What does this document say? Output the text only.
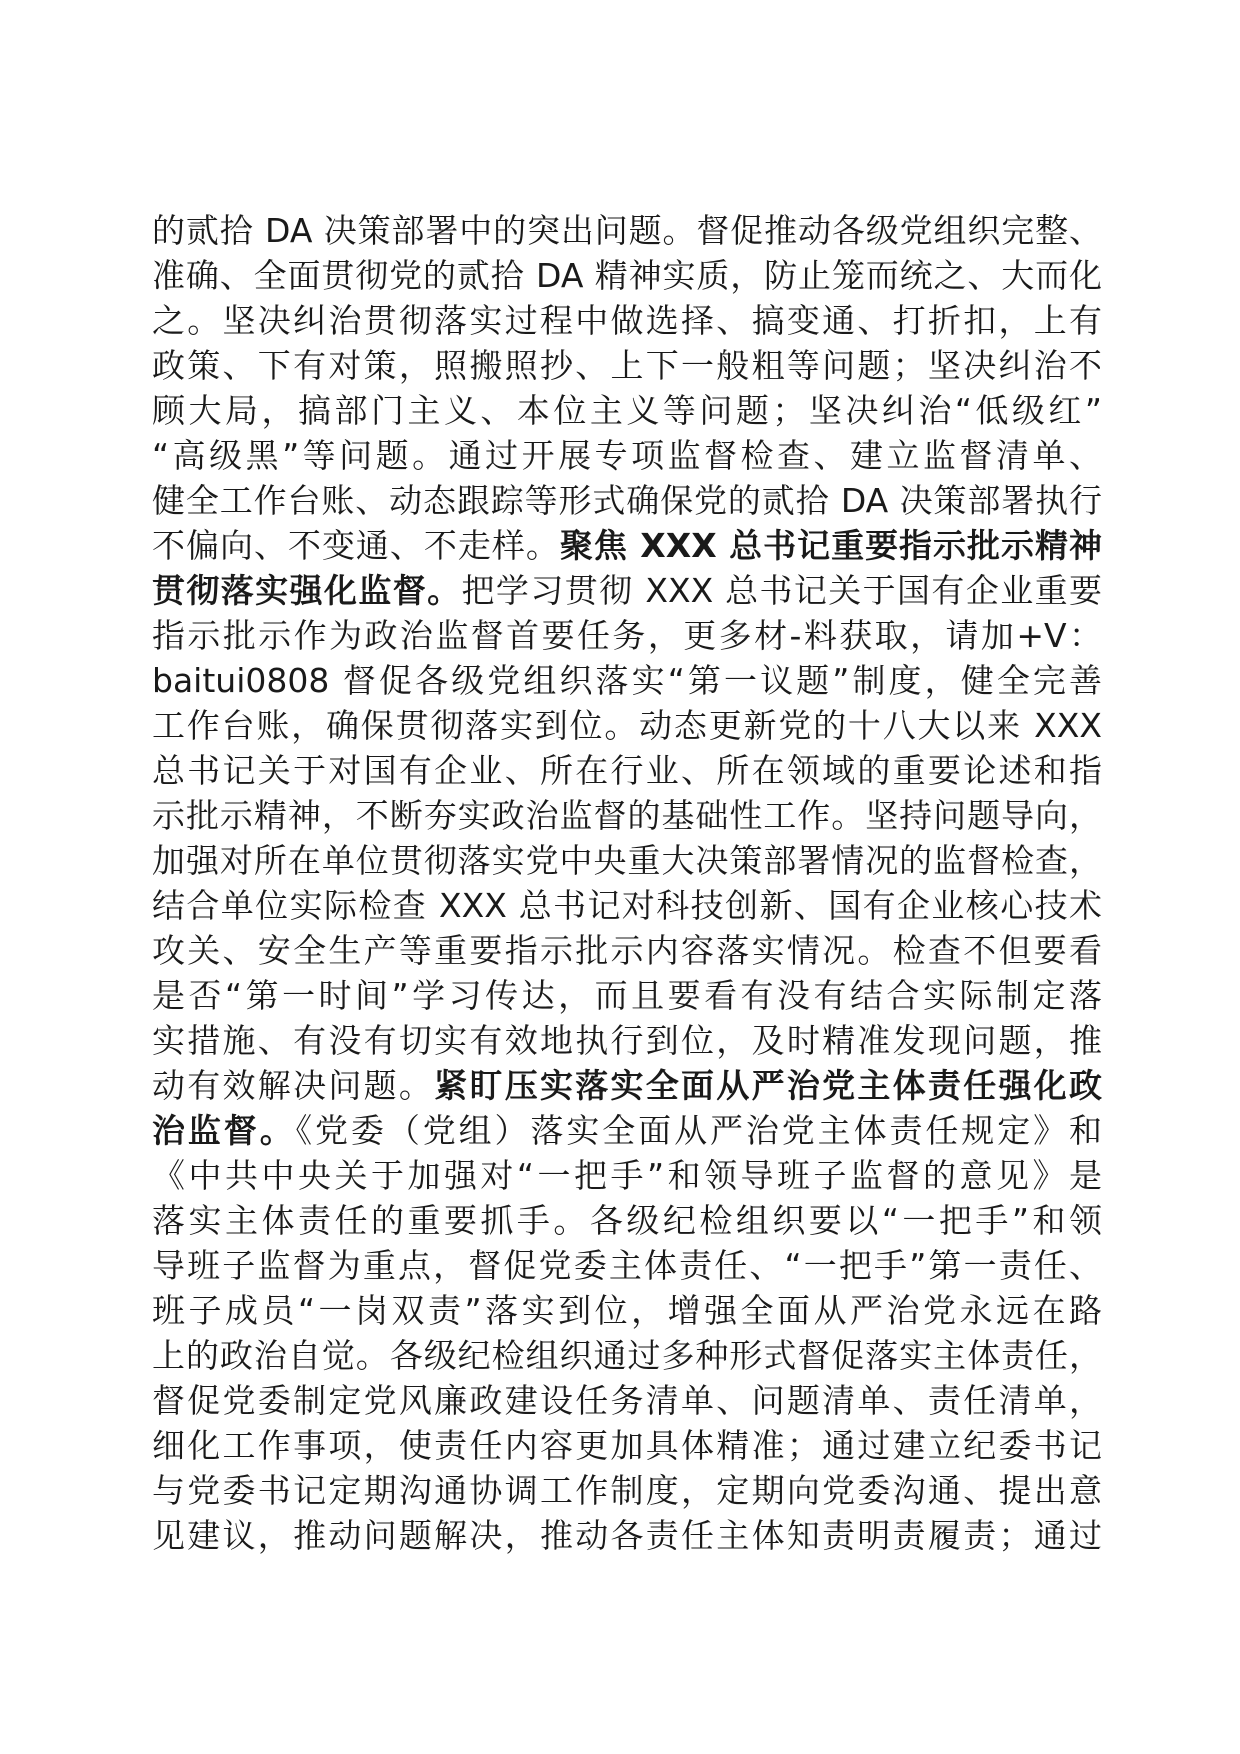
的贰拾 DA 决策部署中的突出问题。督促推动各级党组织完整、
准确、全面贯彻党的贰拾 DA 精神实质，防止笼而统之、大而化
之。坚决纠治贯彻落实过程中做选择、搞变通、打折扣，上有
政策、下有对策，照搬照抄、上下一般粗等问题；坚决纠治不
顾大局，搞部门主义、本位主义等问题；坚决纠治“低级红”
“高级黑”等问题。通过开展专项监督检查、建立监督清单、
健全工作台账、动态跟踪等形式确保党的贰拾 DA 决策部署执行
不偏向、不变通、不走样。聚焦 XXX 总书记重要指示批示精神
贯彻落实强化监督。把学习贯彻 XXX 总书记关于国有企业重要
指示批示作为政治监督首要任务，更多材-料获取，请加+V：
baitui0808 督促各级党组织落实“第一议题”制度，健全完善
工作台账，确保贯彻落实到位。动态更新党的十八大以来 XXX
总书记关于对国有企业、所在行业、所在领域的重要论述和指
示批示精神，不断夯实政治监督的基础性工作。坚持问题导向，
加强对所在单位贯彻落实党中央重大决策部署情况的监督检查，
结合单位实际检查 XXX 总书记对科技创新、国有企业核心技术
攻关、安全生产等重要指示批示内容落实情况。检查不但要看
是否“第一时间”学习传达，而且要看有没有结合实际制定落
实措施、有没有切实有效地执行到位，及时精准发现问题，推
动有效解决问题。紧盯压实落实全面从严治党主体责任强化政
治监督。《党委（党组）落实全面从严治党主体责任规定》和
《中共中央关于加强对“一把手”和领导班子监督的意见》是
落实主体责任的重要抓手。各级纪检组织要以“一把手”和领
导班子监督为重点，督促党委主体责任、“一把手”第一责任、
班子成员“一岗双责”落实到位，增强全面从严治党永远在路
上的政治自觉。各级纪检组织通过多种形式督促落实主体责任，
督促党委制定党风廉政建设任务清单、问题清单、责任清单，
细化工作事项，使责任内容更加具体精准；通过建立纪委书记
与党委书记定期沟通协调工作制度，定期向党委沟通、提出意
见建议，推动问题解决，推动各责任主体知责明责履责；通过
